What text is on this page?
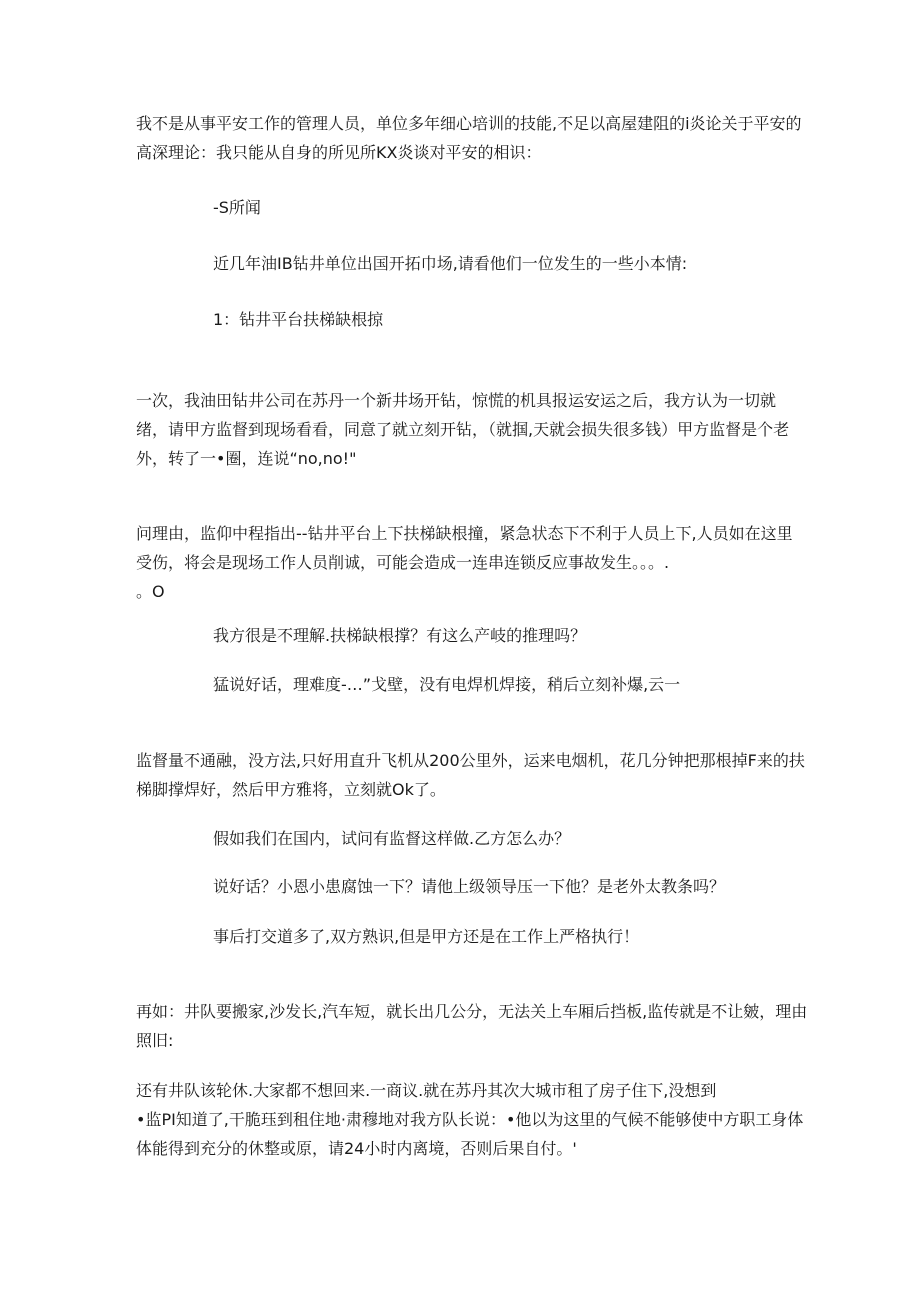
我不是从事平安工作的管理人员，单位多年细心培训的技能,不足以高屋建阻的i炎论关于平安的
高深理论：我只能从自身的所见所KX炎谈对平安的相识：

-S所闻

近几年油IB钻井单位出国开拓巾场,请看他们一位发生的一些小本情:

1：钻井平台扶梯缺根掠

一次，我油田钻井公司在苏丹一个新井场开钻，惊慌的机具报运安运之后，我方认为一切就
绪，请甲方监督到现场看看，同意了就立刻开钻，（就掴,天就会损失很多钱）甲方监督是个老
外，转了一•圈，连说“no,no!"

问理由，监仰中程指出--钻井平台上下扶梯缺根撞，紧急状态下不利于人员上下,人员如在这里
受伤，将会是现场工作人员削诚，可能会造成一连串连锁反应事故发生。。。.
。O

我方很是不理解.扶梯缺根撑？有这么产岐的推理吗？

猛说好话，理难度-…”戈壁，没有电焊机焊接，稍后立刻补爆,云一

监督量不通融，没方法,只好用直升飞机从200公里外，运来电烟机，花几分钟把那根掉F来的扶
梯脚撑焊好，然后甲方雅将，立刻就Ok了。

假如我们在国内，试问有监督这样做.乙方怎么办？

说好话？小恩小患腐蚀一下？请他上级领导压一下他？是老外太教条吗？

事后打交道多了,双方熟识,但是甲方还是在工作上严格执行！

再如：井队要搬家,沙发长,汽车短，就长出几公分，无法关上车厢后挡板,监传就是不让皴，理由
照旧:

还有井队该轮休.大家都不想回来.一商议.就在苏丹其次大城市租了房子住下,没想到
•监PI知道了,干脆珏到租住地·肃穆地对我方队长说：•他以为这里的气候不能够使中方职工身体
体能得到充分的休整或原，请24小时内离境，否则后果自付。'
